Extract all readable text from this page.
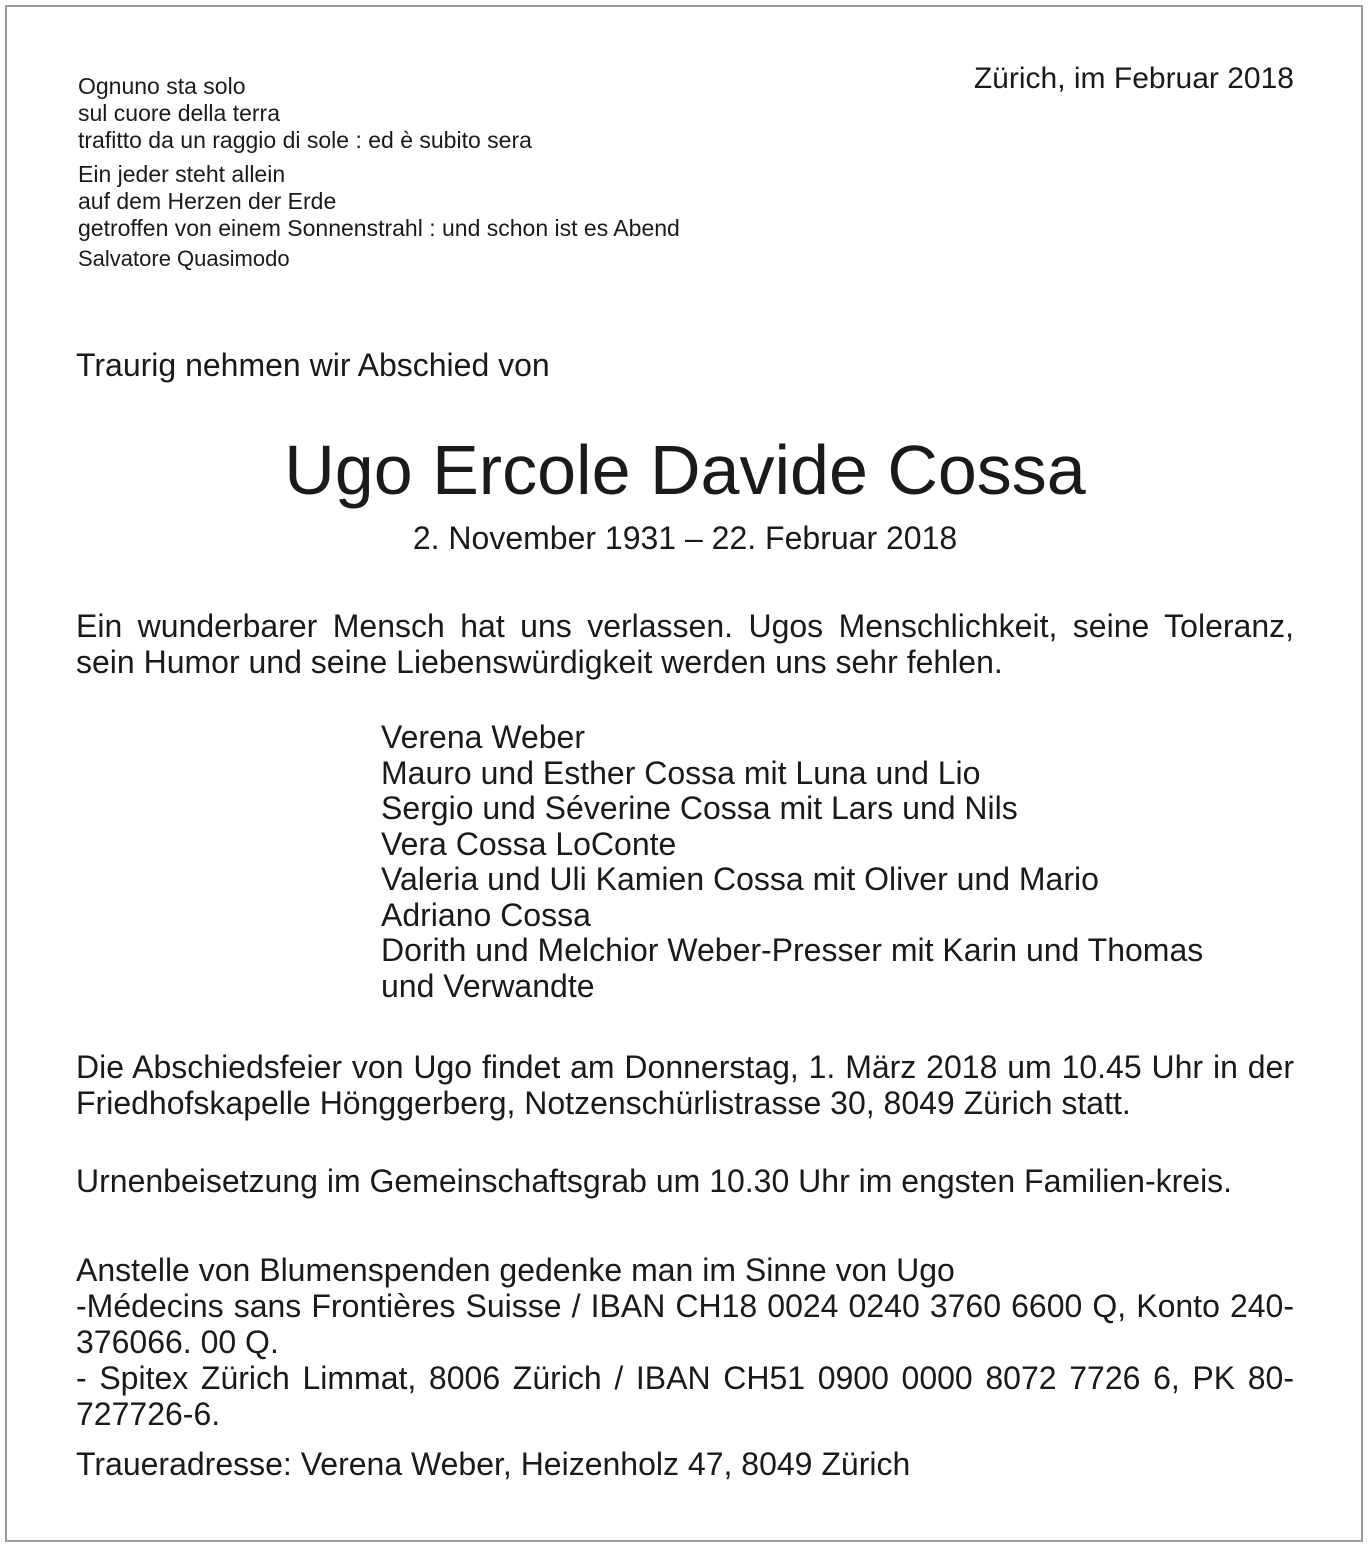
Ognuno sta solo
sul cuore della terra
trafitto da un raggio di sole : ed è subito sera
Ein jeder steht allein
auf dem Herzen der Erde
getroffen von einem Sonnenstrahl : und schon ist es Abend
Salvatore Quasimodo
Zürich, im Februar 2018
Traurig nehmen wir Abschied von
Ugo Ercole Davide Cossa
2. November 1931 – 22. Februar 2018
Ein wunderbarer Mensch hat uns verlassen. Ugos Menschlichkeit, seine Toleranz, sein Humor und seine Liebenswürdigkeit werden uns sehr fehlen.
Verena Weber
Mauro und Esther Cossa mit Luna und Lio
Sergio und Séverine Cossa mit Lars und Nils
Vera Cossa LoConte
Valeria und Uli Kamien Cossa mit Oliver und Mario
Adriano Cossa
Dorith und Melchior Weber-Presser mit Karin und Thomas
und Verwandte
Die Abschiedsfeier von Ugo findet am Donnerstag, 1. März 2018 um 10.45 Uhr in der Friedhofskapelle Hönggerberg, Notzenschürlistrasse 30, 8049 Zürich statt.
Urnenbeisetzung im Gemeinschaftsgrab um 10.30 Uhr im engsten Familien-kreis.
Anstelle von Blumenspenden gedenke man im Sinne von Ugo
-Médecins sans Frontières Suisse / IBAN CH18 0024 0240 3760 6600 Q, Konto 240-376066. 00 Q.
- Spitex Zürich Limmat, 8006 Zürich / IBAN CH51 0900 0000 8072 7726 6, PK 80-727726-6.
Traueradresse: Verena Weber, Heizenholz 47, 8049 Zürich
